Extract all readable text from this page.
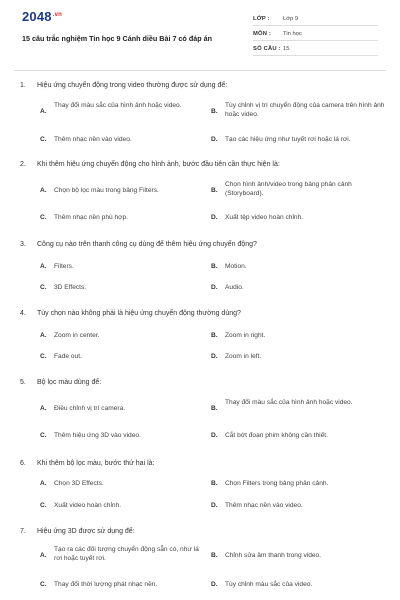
$2048^{.vn}$
15 câu trắc nghiệm Tin học 9 Cánh diều Bài 7 có đáp án
LỚP : Lớp 9
MÔN : Tin học
SỐ CÂU : 15
1. Hiệu ứng chuyển động trong video thường được sử dụng để:
A.
Thay đổi màu sắc của hình ảnh hoặc video.
B.
Tùy chỉnh vị trí chuyển động của camera trên hình ảnh hoặc video.
C. Thêm nhạc nền vào video.	D. Tạo các hiệu ứng như tuyết rơi hoặc lá rơi.
2. Khi thêm hiệu ứng chuyển động cho hình ảnh, bước đầu tiên cần thực hiện là:
A. Chọn bộ lọc màu trong bảng Filters.	B.
Chọn hình ảnh/video trong bảng phân cảnh (Storyboard).
C. Thêm nhạc nền phù hợp.	D. Xuất tệp video hoàn chỉnh.
3. Công cụ nào trên thanh công cụ dùng để thêm hiệu ứng chuyển động?
A. Filters.	B. Motion.
C. 3D Effects.	D. Audio.
4. Tùy chọn nào không phải là hiệu ứng chuyển động thường dùng?
A. Zoom in center.	B. Zoom in right.
C. Fade out.	D. Zoom in left.
5. Bộ lọc màu dùng để:
A. Điều chỉnh vị trí camera.	B.
Thay đổi màu sắc của hình ảnh hoặc video.
C. Thêm hiệu ứng 3D vào video.	D. Cắt bớt đoạn phim không cần thiết.
6. Khi thêm bộ lọc màu, bước thứ hai là:
A. Chọn 3D Effects.	B. Chọn Filters trong bảng phân cảnh.
C. Xuất video hoàn chỉnh.	D. Thêm nhạc nền vào video.
7. Hiệu ứng 3D được sử dụng để:
A.
Tạo ra các đối tượng chuyển động sẵn có, như lá rơi hoặc tuyết rơi.	B. Chỉnh sửa âm thanh trong video.
C. Thay đổi thời lượng phát nhạc nền.	D. Tùy chỉnh màu sắc của video.
